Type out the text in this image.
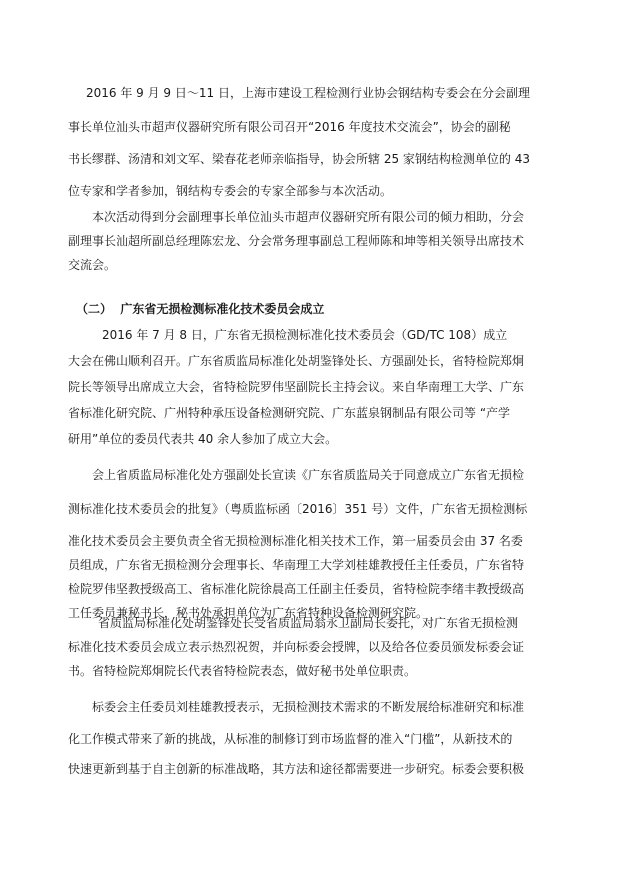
2016 年 9 月 9 日～11 日，上海市建设工程检测行业协会钢结构专委会在分会副理
事长单位汕头市超声仪器研究所有限公司召开“2016 年度技术交流会”，协会的副秘
书长缪群、汤清和刘文军、梁春花老师亲临指导，协会所辖 25 家钢结构检测单位的 43
位专家和学者参加，钢结构专委会的专家全部参与本次活动。
本次活动得到分会副理事长单位汕头市超声仪器研究所有限公司的倾力相助，分会
副理事长汕超所副总经理陈宏龙、分会常务理事副总工程师陈和坤等相关领导出席技术
交流会。
（二）  广东省无损检测标准化技术委员会成立
2016 年 7 月 8 日，广东省无损检测标准化技术委员会（GD/TC 108）成立
大会在佛山顺利召开。广东省质监局标准化处胡鉴锋处长、方强副处长，省特检院郑炯
院长等领导出席成立大会，省特检院罗伟坚副院长主持会议。来自华南理工大学、广东
省标准化研究院、广州特种承压设备检测研究院、广东蓝泉钢制品有限公司等 “产学
研用”单位的委员代表共 40 余人参加了成立大会。
会上省质监局标准化处方强副处长宣读《广东省质监局关于同意成立广东省无损检
测标准化技术委员会的批复》（粤质监标函〔2016〕351 号）文件，广东省无损检测标
准化技术委员会主要负责全省无损检测标准化相关技术工作，第一届委员会由 37 名委
员组成，广东省无损检测分会理事长、华南理工大学刘桂雄教授任主任委员，广东省特
检院罗伟坚教授级高工、省标准化院徐晨高工任副主任委员，省特检院李绪丰教授级高
工任委员兼秘书长，秘书处承担单位为广东省特种设备检测研究院。
省质监局标准化处胡鉴锋处长受省质监局翁永卫副局长委托，对广东省无损检测
标准化技术委员会成立表示热烈祝贺，并向标委会授牌，以及给各位委员颁发标委会证
书。省特检院郑炯院长代表省特检院表态，做好秘书处单位职责。
标委会主任委员刘桂雄教授表示，无损检测技术需求的不断发展给标准研究和标准
化工作模式带来了新的挑战，从标准的制修订到市场监督的准入“门槛”，从新技术的
快速更新到基于自主创新的标准战略，其方法和途径都需要进一步研究。标委会要积极
